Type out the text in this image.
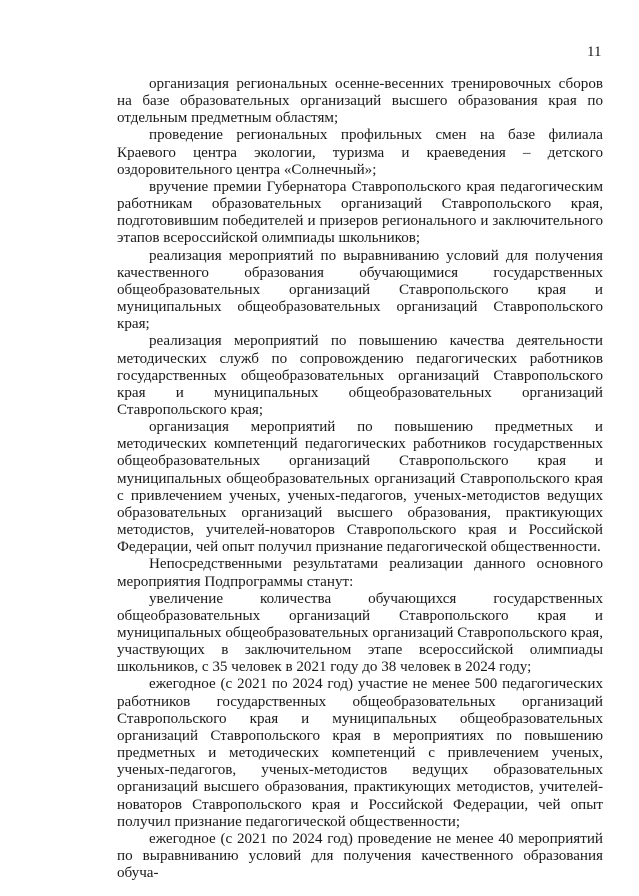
11

организация региональных осенне-весенних тренировочных сборов на базе образовательных организаций высшего образования края по отдельным предметным областям;

проведение региональных профильных смен на базе филиала Краевого центра экологии, туризма и краеведения – детского оздоровительного центра «Солнечный»;

вручение премии Губернатора Ставропольского края педагогическим работникам образовательных организаций Ставропольского края, подготовившим победителей и призеров регионального и заключительного этапов всероссийской олимпиады школьников;

реализация мероприятий по выравниванию условий для получения качественного образования обучающимися государственных общеобразовательных организаций Ставропольского края и муниципальных общеобразовательных организаций Ставропольского края;

реализация мероприятий по повышению качества деятельности методических служб по сопровождению педагогических работников государственных общеобразовательных организаций Ставропольского края и муниципальных общеобразовательных организаций Ставропольского края;

организация мероприятий по повышению предметных и методических компетенций педагогических работников государственных общеобразовательных организаций Ставропольского края и муниципальных общеобразовательных организаций Ставропольского края с привлечением ученых, ученых-педагогов, ученых-методистов ведущих образовательных организаций высшего образования, практикующих методистов, учителей-новаторов Ставропольского края и Российской Федерации, чей опыт получил признание педагогической общественности.

Непосредственными результатами реализации данного основного мероприятия Подпрограммы станут:

увеличение количества обучающихся государственных общеобразовательных организаций Ставропольского края и муниципальных общеобразовательных организаций Ставропольского края, участвующих в заключительном этапе всероссийской олимпиады школьников, с 35 человек в 2021 году до 38 человек в 2024 году;

ежегодное (с 2021 по 2024 год) участие не менее 500 педагогических работников государственных общеобразовательных организаций Ставропольского края и муниципальных общеобразовательных организаций Ставропольского края в мероприятиях по повышению предметных и методических компетенций с привлечением ученых, ученых-педагогов, ученых-методистов ведущих образовательных организаций высшего образования, практикующих методистов, учителей-новаторов Ставропольского края и Российской Федерации, чей опыт получил признание педагогической общественности;

ежегодное (с 2021 по 2024 год) проведение не менее 40 мероприятий по выравниванию условий для получения качественного образования обуча-
